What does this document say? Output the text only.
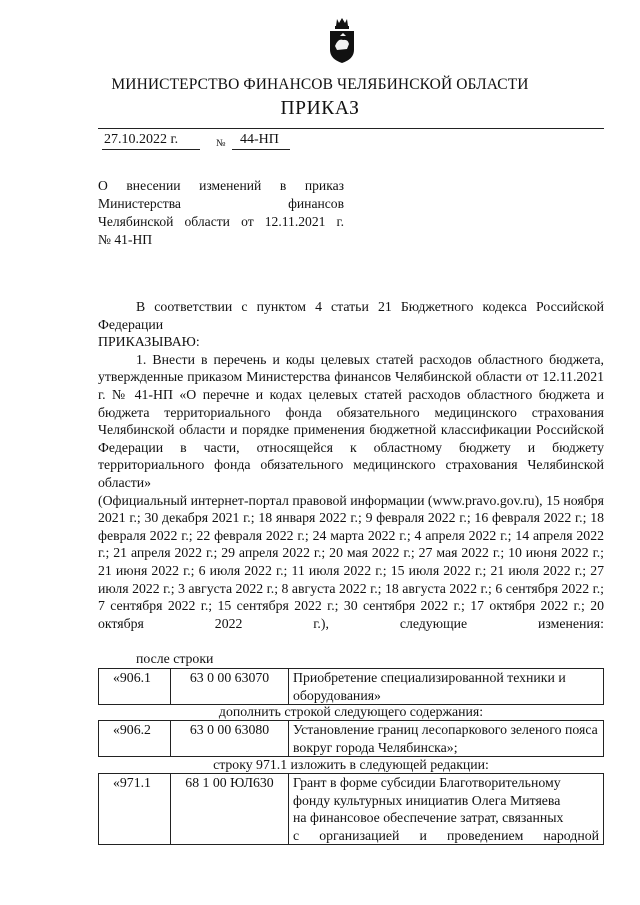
МИНИСТЕРСТВО ФИНАНСОВ ЧЕЛЯБИНСКОЙ ОБЛАСТИ
ПРИКАЗ
27.10.2022 г.	№ 44-НП
О внесении изменений в приказ
Министерства финансов
Челябинской области от 12.11.2021 г.
№ 41-НП

В соответствии с пунктом 4 статьи 21 Бюджетного кодекса Российской Федерации

ПРИКАЗЫВАЮ:

1. Внести в перечень и коды целевых статей расходов областного бюджета, утвержденные приказом Министерства финансов Челябинской области от 12.11.2021 г. № 41-НП «О перечне и кодах целевых статей расходов областного бюджета и бюджета территориального фонда обязательного медицинского страхования Челябинской области и порядке применения бюджетной классификации Российской Федерации в части, относящейся к областному бюджету и бюджету территориального фонда обязательного медицинского страхования Челябинской области»

(Официальный интернет-портал правовой информации (www.pravo.gov.ru), 15 ноября 2021 г.; 30 декабря 2021 г.; 18 января 2022 г.; 9 февраля 2022 г.; 16 февраля 2022 г.; 18 февраля 2022 г.; 22 февраля 2022 г.; 24 марта 2022 г.; 4 апреля 2022 г.; 14 апреля 2022 г.; 21 апреля 2022 г.; 29 апреля 2022 г.; 20 мая 2022 г.; 27 мая 2022 г.; 10 июня 2022 г.; 21 июня 2022 г.; 6 июля 2022 г.; 11 июля 2022 г.; 15 июля 2022 г.; 21 июля 2022 г.; 27 июля 2022 г.; 3 августа 2022 г.; 8 августа 2022 г.; 18 августа 2022 г.; 6 сентября 2022 г.; 7 сентября 2022 г.; 15 сентября 2022 г.; 30 сентября 2022 г.; 17 октября 2022 г.; 20 октября 2022 г.), следующие изменения:

после строки
«906.1	63 0 00 63070	Приобретение специализированной техники и оборудования»
дополнить строкой следующего содержания:
«906.2	63 0 00 63080	Установление границ лесопаркового зеленого пояса вокруг города Челябинска»;
строку 971.1 изложить в следующей редакции:
«971.1	68 1 00 ЮЛ630	Грант в форме субсидии Благотворительному
фонду культурных инициатив Олега Митяева
на финансовое обеспечение затрат, связанных
с организацией и проведением народной
